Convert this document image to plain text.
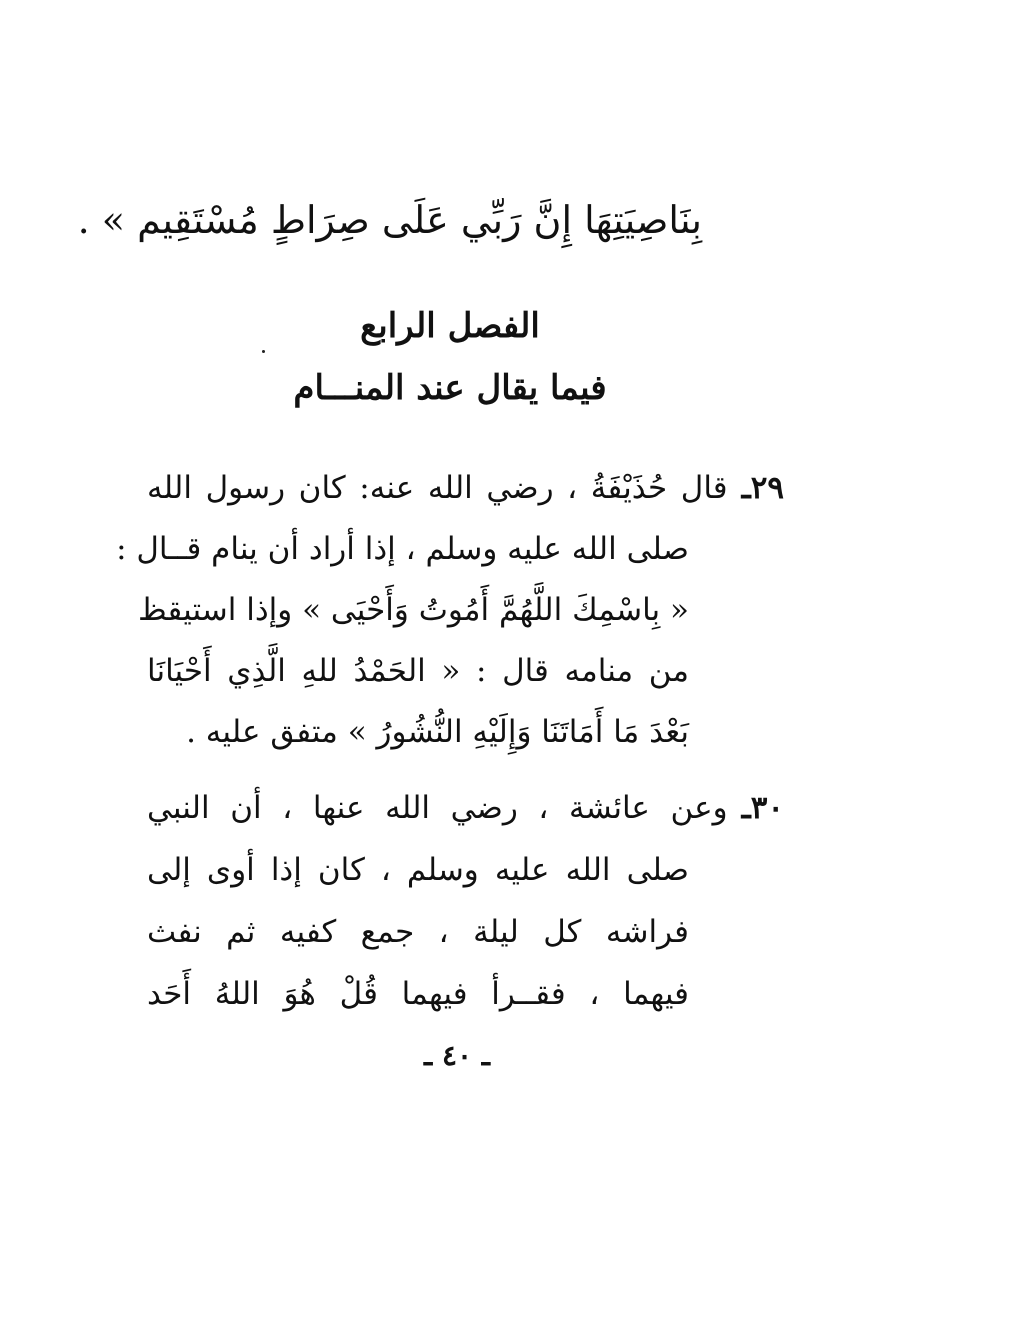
بِنَاصِيَتِهَا إِنَّ رَبِّي عَلَى صِرَاطٍ مُسْتَقِيم » .
الفصل الرابع
فيما يقال عند المنـــام
٢٩ـقال حُذَيْفَةُ ، رضي الله عنه: كان رسول الله
صلى الله عليه وسلم ، إذا أراد أن ينام قــال :
« بِاسْمِكَ اللَّهُمَّ أَمُوتُ وَأَحْيَى » وإذا استيقظ
من منامه قال : « الحَمْدُ للهِ الَّذِي أَحْيَانَا
بَعْدَ مَا أَمَاتَنَا وَإِلَيْهِ النُّشُورُ » متفق عليه .
٣٠ـوعن عائشة ، رضي الله عنها ، أن النبي
صلى الله عليه وسلم ، كان إذا أوى إلى
فراشه كل ليلة ، جمع كفيه ثم نفث
فيهما ، فقــرأ فيهما قُلْ هُوَ اللهُ أَحَد
ـ ٤٠ ـ
